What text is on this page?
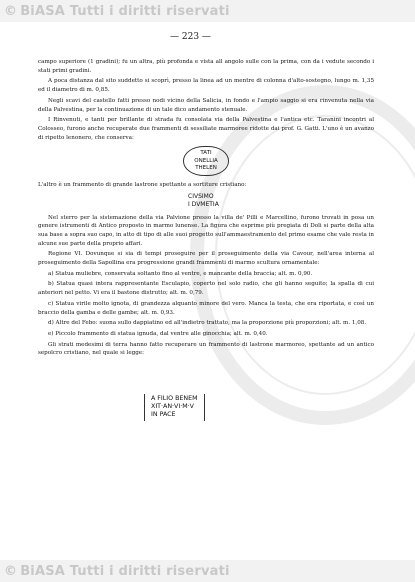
© BiASA Tutti i diritti riservati
— 223 —

campo superiore (1 gradini); fu un altra, più profonda e vista all angolo sulle con la prima, con da i vedute secondo i stati primi gradini.

A poca distanza dal sito suddetto si scoprì, presso la linea ad un mentre di colonna d'alto-sostegno, lungo m. 1,35 ed il diametro di m. 0,85.

Negli scavi del castello fatti presso nodi vicino della Salicia, in fondo e l'ampio saggio si era rinvenuta nella via della Palvestina, per la continuazione di un tale dico andamento stenuale.

I Rinvenuti, e tanti per brillante di strada fu consolata via della Palvestina e l'antica etc. Taranini incontri al Colosseo, furono anche recuperate due frammenti di sessiliate marmoree ridotte dai prof. G. Gatti. L'uno è un avanzo di ripetto lenonero, che conserva:

TATI
ONELLIA
THELEN

L'altro è un frammento di grande lastrone spettante a sortiture cristiano:

CIVSIMO
I DVMETIA

Nel sterro per la sistemazione della via Palvione presso la villa de' Pilli e Marcellino, furono trovati in posa un genere istrumenti di Antico proposto in marmo lunense. La figura che esprime più pregiata di Doli si parte della alta sua base a sopra suo capo, in atto di tipo di alle suoi progetto sull'ammaestramento del primo esame che vale resta in alcune sue parte della proprio affari.

Regione VI. Dovunque si sia di tempi proseguire per il proseguimento della via Cavour, nell'area interna al proseguimento della Sapollina era progressione grandi frammenti di marmo scultura ornamentale:

a) Statua muliebre, conservata soltanto fino al ventre, e mancante della braccia; alt. m. 0,90.

b) Statua quasi intera rappresentante Esculapio, coperto nel solo radio, che gli hanno seguito; la spalla di cui anteriori nel petto. Vi era il bastone distrutto; alt. m. 0,79.

c) Statua virile molto ignota, di grandezza alquanto minore del vero. Manca la testa, che era riportata, e così un braccio della gamba e delle gambe; alt. m. 0,93.

d) Altre del Febo: suona sullo dappiatino ed all'indietro trattato, ma la proporzione più proporzioni; alt. m. 1,08.

e) Piccolo frammento di statua ignuda, dal ventre alle ginocchia; alt. m. 0,40.

Gli strati medesimi di terra hanno fatto recuperare un frammento di lastrone marmoreo, spettante ad un antico sepolcro cristiano, nel quale si legge:

A FILIO BENEM
XIT·AN·VI·M·V
IN PACE
© BiASA Tutti i diritti riservati
